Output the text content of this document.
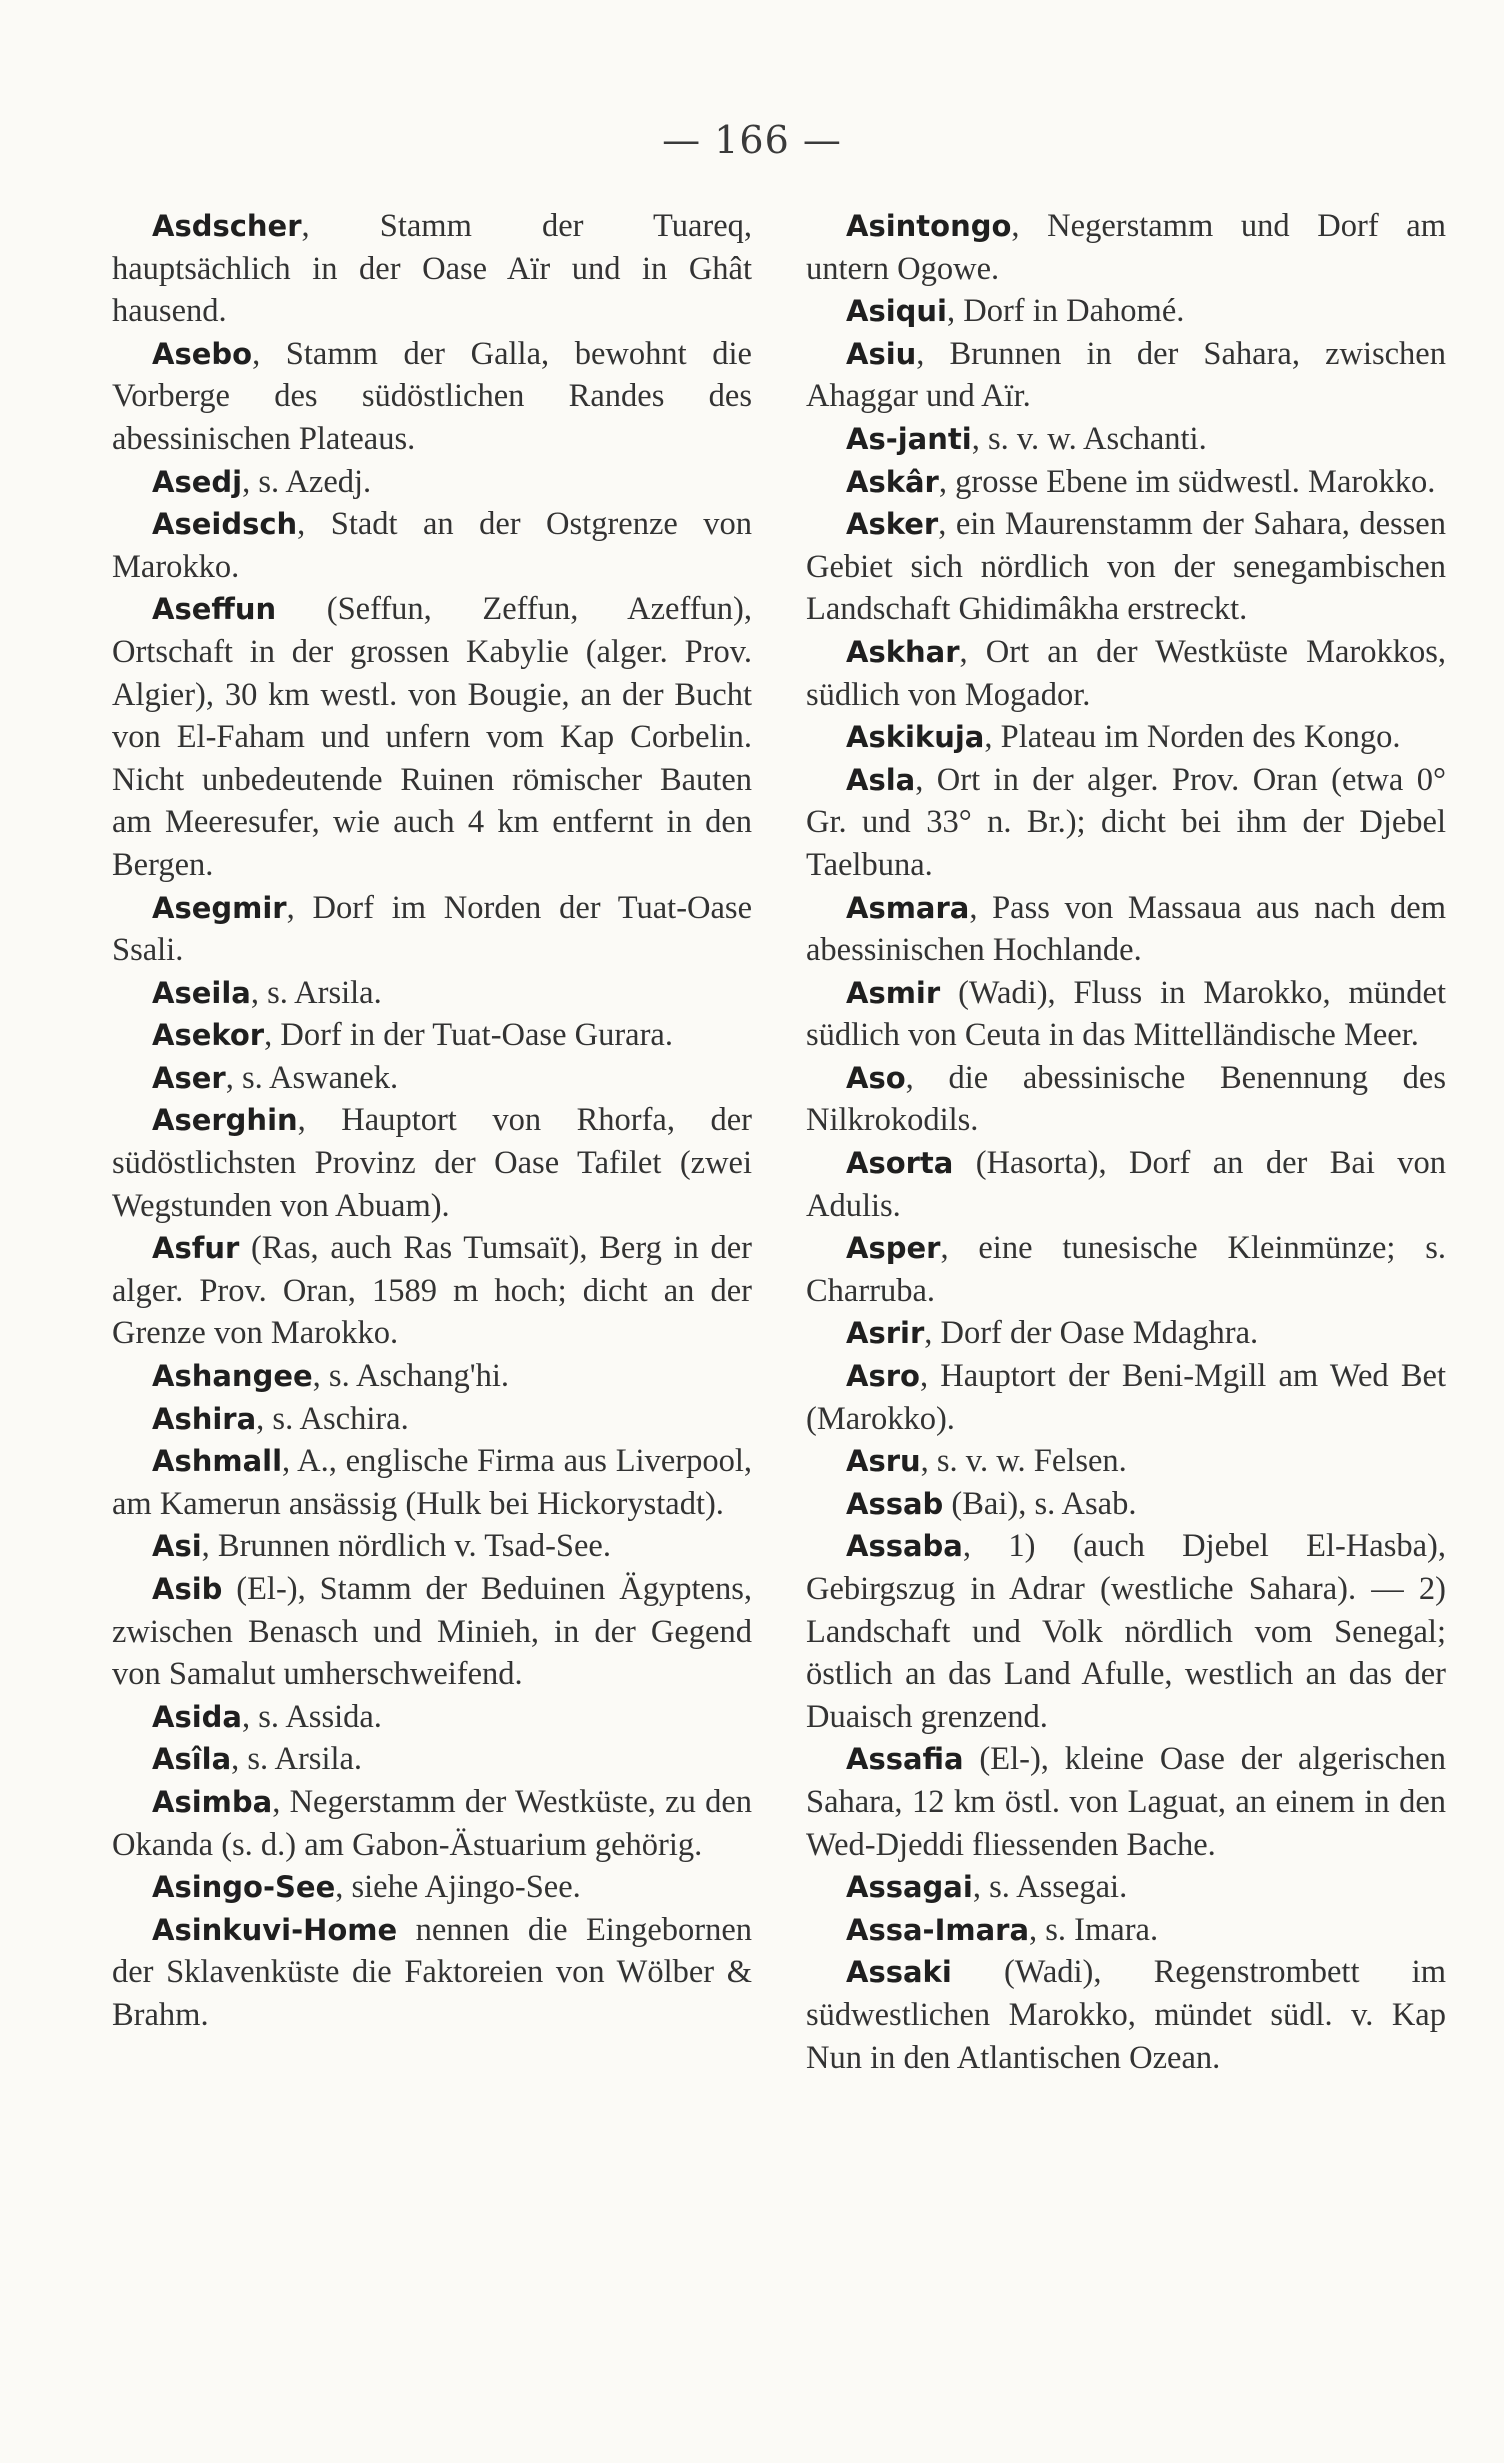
— 166 —

Asdscher, Stamm der Tuareq, hauptsächlich in der Oase Aïr und in Ghât hausend.

Asebo, Stamm der Galla, bewohnt die Vorberge des südöstlichen Randes des abessinischen Plateaus.

Asedj, s. Azedj.

Aseidsch, Stadt an der Ostgrenze von Marokko.

Aseffun (Seffun, Zeffun, Azeffun), Ortschaft in der grossen Kabylie (alger. Prov. Algier), 30 km westl. von Bougie, an der Bucht von El-Faham und unfern vom Kap Corbelin. Nicht unbedeutende Ruinen römischer Bauten am Meeresufer, wie auch 4 km entfernt in den Bergen.

Asegmir, Dorf im Norden der Tuat-Oase Ssali.

Aseila, s. Arsila.

Asekor, Dorf in der Tuat-Oase Gurara.

Aser, s. Aswanek.

Aserghin, Hauptort von Rhorfa, der südöstlichsten Provinz der Oase Tafilet (zwei Wegstunden von Abuam).

Asfur (Ras, auch Ras Tumsaït), Berg in der alger. Prov. Oran, 1589 m hoch; dicht an der Grenze von Marokko.

Ashangee, s. Aschang'hi.

Ashira, s. Aschira.

Ashmall, A., englische Firma aus Liverpool, am Kamerun ansässig (Hulk bei Hickorystadt).

Asi, Brunnen nördlich v. Tsad-See.

Asib (El-), Stamm der Beduinen Ägyptens, zwischen Benasch und Minieh, in der Gegend von Samalut umherschweifend.

Asida, s. Assida.

Asîla, s. Arsila.

Asimba, Negerstamm der Westküste, zu den Okanda (s. d.) am Gabon-Ästuarium gehörig.

Asingo-See, siehe Ajingo-See.

Asinkuvi-Home nennen die Eingebornen der Sklavenküste die Faktoreien von Wölber & Brahm.

Asintongo, Negerstamm und Dorf am untern Ogowe.

Asiqui, Dorf in Dahomé.

Asiu, Brunnen in der Sahara, zwischen Ahaggar und Aïr.

As-janti, s. v. w. Aschanti.

Askâr, grosse Ebene im südwestl. Marokko.

Asker, ein Maurenstamm der Sahara, dessen Gebiet sich nördlich von der senegambischen Landschaft Ghidimâkha erstreckt.

Askhar, Ort an der Westküste Marokkos, südlich von Mogador.

Askikuja, Plateau im Norden des Kongo.

Asla, Ort in der alger. Prov. Oran (etwa 0° Gr. und 33° n. Br.); dicht bei ihm der Djebel Taelbuna.

Asmara, Pass von Massaua aus nach dem abessinischen Hochlande.

Asmir (Wadi), Fluss in Marokko, mündet südlich von Ceuta in das Mittelländische Meer.

Aso, die abessinische Benennung des Nilkrokodils.

Asorta (Hasorta), Dorf an der Bai von Adulis.

Asper, eine tunesische Kleinmünze; s. Charruba.

Asrir, Dorf der Oase Mdaghra.

Asro, Hauptort der Beni-Mgill am Wed Bet (Marokko).

Asru, s. v. w. Felsen.

Assab (Bai), s. Asab.

Assaba, 1) (auch Djebel El-Hasba), Gebirgszug in Adrar (westliche Sahara). — 2) Landschaft und Volk nördlich vom Senegal; östlich an das Land Afulle, westlich an das der Duaisch grenzend.

Assafia (El-), kleine Oase der algerischen Sahara, 12 km östl. von Laguat, an einem in den Wed-Djeddi fliessenden Bache.

Assagai, s. Assegai.

Assa-Imara, s. Imara.

Assaki (Wadi), Regenstrombett im südwestlichen Marokko, mündet südl. v. Kap Nun in den Atlantischen Ozean.
